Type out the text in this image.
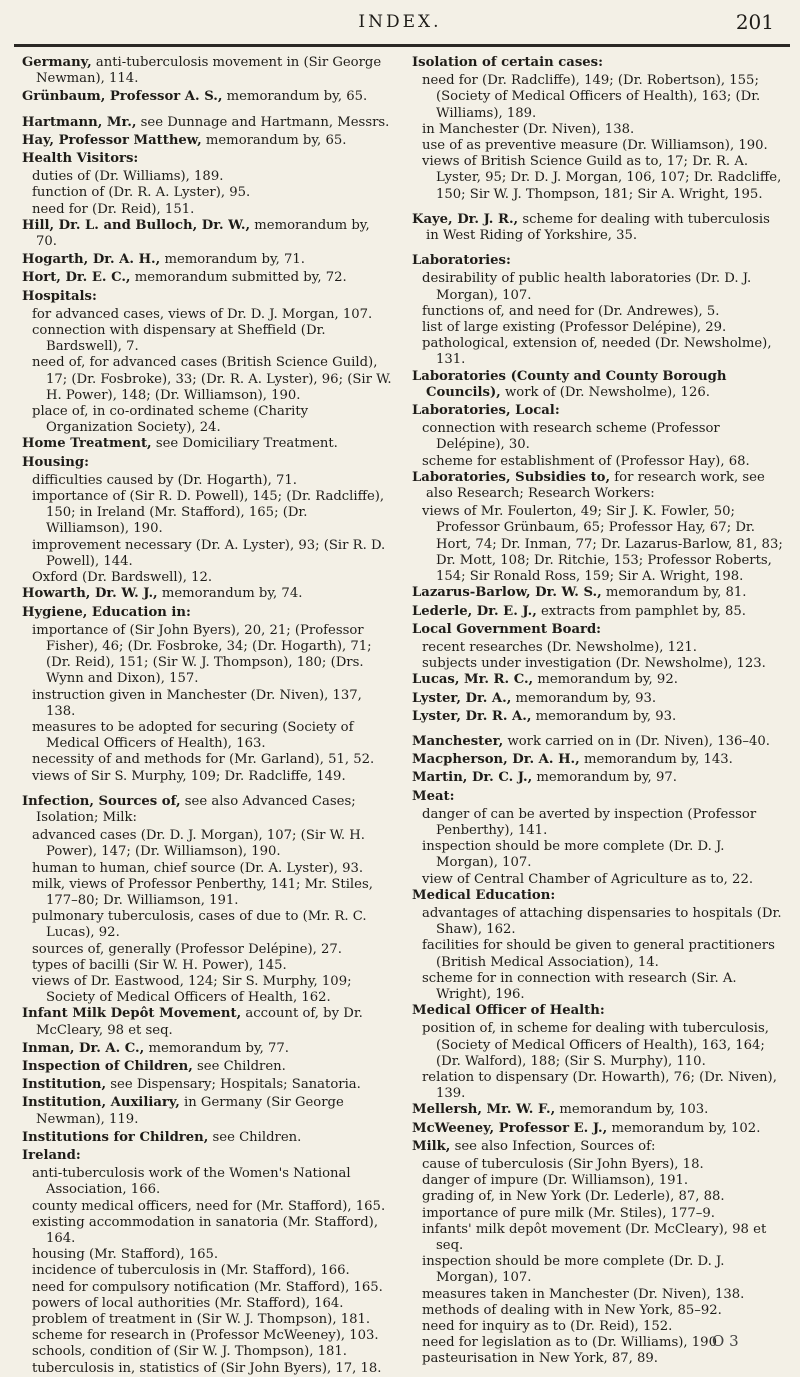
INDEX.	201
Germany, anti-tuberculosis movement in (Sir George Newman), 114.
Grünbaum, Professor A. S., memorandum by, 65.
Hartmann, Mr., see Dunnage and Hartmann, Messrs.
Hay, Professor Matthew, memorandum by, 65.
Health Visitors:
duties of (Dr. Williams), 189.
function of (Dr. R. A. Lyster), 95.
need for (Dr. Reid), 151.
Hill, Dr. L. and Bulloch, Dr. W., memorandum by, 70.
Hogarth, Dr. A. H., memorandum by, 71.
Hort, Dr. E. C., memorandum submitted by, 72.
Hospitals:
for advanced cases, views of Dr. D. J. Morgan, 107.
connection with dispensary at Sheffield (Dr. Bardswell), 7.
need of, for advanced cases (British Science Guild), 17; (Dr. Fosbroke), 33; (Dr. R. A. Lyster), 96; (Sir W. H. Power), 148; (Dr. Williamson), 190.
place of, in co-ordinated scheme (Charity Organization Society), 24.
Home Treatment, see Domiciliary Treatment.
Housing:
difficulties caused by (Dr. Hogarth), 71.
importance of (Sir R. D. Powell), 145; (Dr. Radcliffe), 150; in Ireland (Mr. Stafford), 165; (Dr. Williamson), 190.
improvement necessary (Dr. A. Lyster), 93; (Sir R. D. Powell), 144.
Oxford (Dr. Bardswell), 12.
Howarth, Dr. W. J., memorandum by, 74.
Hygiene, Education in:
importance of (Sir John Byers), 20, 21; (Professor Fisher), 46; (Dr. Fosbroke, 34; (Dr. Hogarth), 71; (Dr. Reid), 151; (Sir W. J. Thompson), 180; (Drs. Wynn and Dixon), 157.
instruction given in Manchester (Dr. Niven), 137, 138.
measures to be adopted for securing (Society of Medical Officers of Health), 163.
necessity of and methods for (Mr. Garland), 51, 52.
views of Sir S. Murphy, 109; Dr. Radcliffe, 149.
Infection, Sources of, see also Advanced Cases; Isolation; Milk:
advanced cases (Dr. D. J. Morgan), 107; (Sir W. H. Power), 147; (Dr. Williamson), 190.
human to human, chief source (Dr. A. Lyster), 93.
milk, views of Professor Penberthy, 141; Mr. Stiles, 177–80; Dr. Williamson, 191.
pulmonary tuberculosis, cases of due to (Mr. R. C. Lucas), 92.
sources of, generally (Professor Delépine), 27.
types of bacilli (Sir W. H. Power), 145.
views of Dr. Eastwood, 124; Sir S. Murphy, 109; Society of Medical Officers of Health, 162.
Infant Milk Depôt Movement, account of, by Dr. McCleary, 98 et seq.
Inman, Dr. A. C., memorandum by, 77.
Inspection of Children, see Children.
Institution, see Dispensary; Hospitals; Sanatoria.
Institution, Auxiliary, in Germany (Sir George Newman), 119.
Institutions for Children, see Children.
Ireland:
anti-tuberculosis work of the Women's National Association, 166.
county medical officers, need for (Mr. Stafford), 165.
existing accommodation in sanatoria (Mr. Stafford), 164.
housing (Mr. Stafford), 165.
incidence of tuberculosis in (Mr. Stafford), 166.
need for compulsory notification (Mr. Stafford), 165.
powers of local authorities (Mr. Stafford), 164.
problem of treatment in (Sir W. J. Thompson), 181.
scheme for research in (Professor McWeeney), 103.
schools, condition of (Sir W. J. Thompson), 181.
tuberculosis in, statistics of (Sir John Byers), 17, 18.
Isolation of certain cases:
need for (Dr. Radcliffe), 149; (Dr. Robertson), 155; (Society of Medical Officers of Health), 163; (Dr. Williams), 189.
in Manchester (Dr. Niven), 138.
use of as preventive measure (Dr. Williamson), 190.
views of British Science Guild as to, 17; Dr. R. A. Lyster, 95; Dr. D. J. Morgan, 106, 107; Dr. Radcliffe, 150; Sir W. J. Thompson, 181; Sir A. Wright, 195.
Kaye, Dr. J. R., scheme for dealing with tuberculosis in West Riding of Yorkshire, 35.
Laboratories:
desirability of public health laboratories (Dr. D. J. Morgan), 107.
functions of, and need for (Dr. Andrewes), 5.
list of large existing (Professor Delépine), 29.
pathological, extension of, needed (Dr. Newsholme), 131.
Laboratories (County and County Borough Councils), work of (Dr. Newsholme), 126.
Laboratories, Local:
connection with research scheme (Professor Delépine), 30.
scheme for establishment of (Professor Hay), 68.
Laboratories, Subsidies to, for research work, see also Research; Research Workers:
views of Mr. Foulerton, 49; Sir J. K. Fowler, 50; Professor Grünbaum, 65; Professor Hay, 67; Dr. Hort, 74; Dr. Inman, 77; Dr. Lazarus-Barlow, 81, 83; Dr. Mott, 108; Dr. Ritchie, 153; Professor Roberts, 154; Sir Ronald Ross, 159; Sir A. Wright, 198.
Lazarus-Barlow, Dr. W. S., memorandum by, 81.
Lederle, Dr. E. J., extracts from pamphlet by, 85.
Local Government Board:
recent researches (Dr. Newsholme), 121.
subjects under investigation (Dr. Newsholme), 123.
Lucas, Mr. R. C., memorandum by, 92.
Lyster, Dr. A., memorandum by, 93.
Lyster, Dr. R. A., memorandum by, 93.
Manchester, work carried on in (Dr. Niven), 136–40.
Macpherson, Dr. A. H., memorandum by, 143.
Martin, Dr. C. J., memorandum by, 97.
Meat:
danger of can be averted by inspection (Professor Penberthy), 141.
inspection should be more complete (Dr. D. J. Morgan), 107.
view of Central Chamber of Agriculture as to, 22.
Medical Education:
advantages of attaching dispensaries to hospitals (Dr. Shaw), 162.
facilities for should be given to general practitioners (British Medical Association), 14.
scheme for in connection with research (Sir. A. Wright), 196.
Medical Officer of Health:
position of, in scheme for dealing with tuberculosis, (Society of Medical Officers of Health), 163, 164; (Dr. Walford), 188; (Sir S. Murphy), 110.
relation to dispensary (Dr. Howarth), 76; (Dr. Niven), 139.
Mellersh, Mr. W. F., memorandum by, 103.
McWeeney, Professor E. J., memorandum by, 102.
Milk, see also Infection, Sources of:
cause of tuberculosis (Sir John Byers), 18.
danger of impure (Dr. Williamson), 191.
grading of, in New York (Dr. Lederle), 87, 88.
importance of pure milk (Mr. Stiles), 177–9.
infants' milk depôt movement (Dr. McCleary), 98 et seq.
inspection should be more complete (Dr. D. J. Morgan), 107.
measures taken in Manchester (Dr. Niven), 138.
methods of dealing with in New York, 85–92.
need for inquiry as to (Dr. Reid), 152.
need for legislation as to (Dr. Williams), 190
pasteurisation in New York, 87, 89.
O 3
